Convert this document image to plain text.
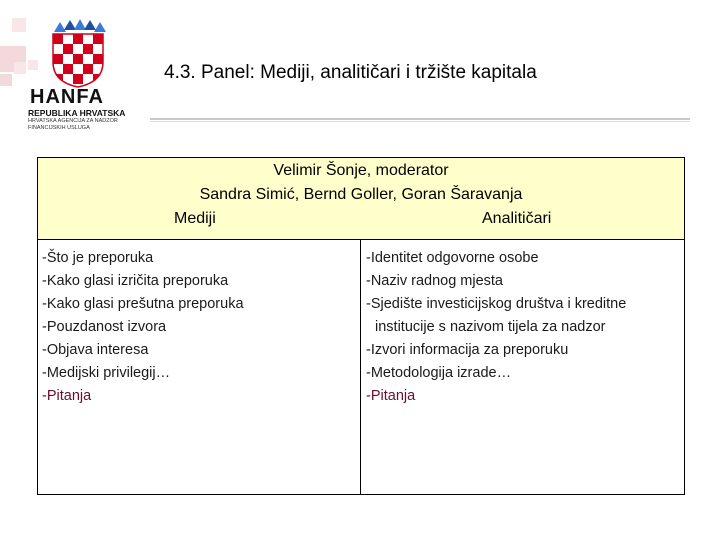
HANFA
REPUBLIKA HRVATSKA
HRVATSKA AGENCIJA ZA NADZOR
FINANCIJSKIH USLUGA
4.3. Panel: Mediji, analitičari i tržište kapitala
Velimir Šonje, moderator
Sandra Simić, Bernd Goller, Goran Šaravanja
Mediji	Analitičari
-Što je preporuka
-Kako glasi izričita preporuka
-Kako glasi prešutna preporuka
-Pouzdanost izvora
-Objava interesa
-Medijski privilegij…
-Pitanja
-Identitet odgovorne osobe
-Naziv radnog mjesta
-Sjedište investicijskog društva i kreditne
institucije s nazivom tijela za nadzor
-Izvori informacija za preporuku
-Metodologija izrade…
-Pitanja
